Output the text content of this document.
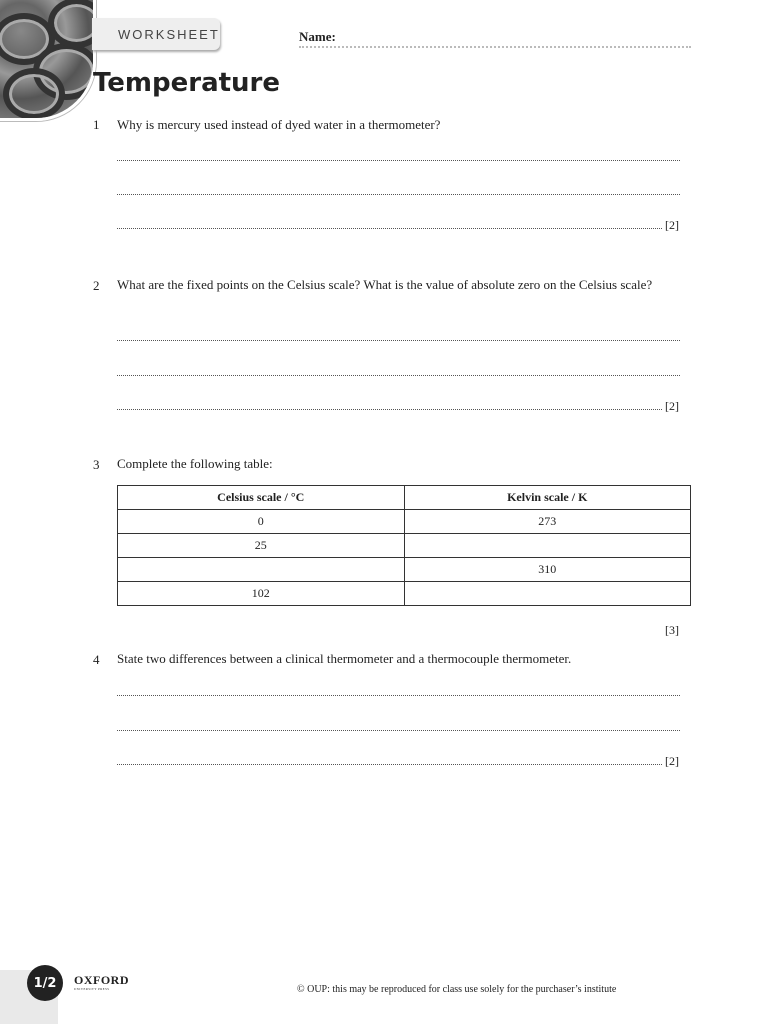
WORKSHEET	Name:
Temperature
1 Why is mercury used instead of dyed water in a thermometer?
[2]
2 What are the fixed points on the Celsius scale? What is the value of absolute zero on the Celsius scale?
[2]
3 Complete the following table:
Celsius scale / °C	Kelvin scale / K
0	273
25	
	310
102	
[3]
4 State two differences between a clinical thermometer and a thermocouple thermometer.
[2]
1/2	OXFORD
UNIVERSITY PRESS	© OUP: this may be reproduced for class use solely for the purchaser’s institute
